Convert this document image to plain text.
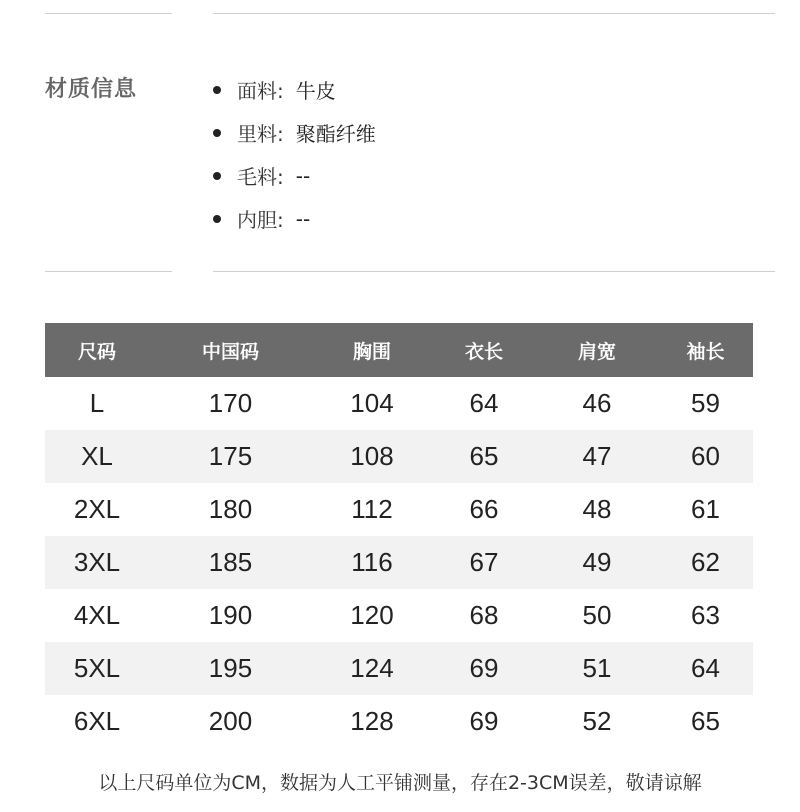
材质信息	面料: 牛皮
里料: 聚酯纤维
毛料: --
内胆: --
尺码	中国码	胸围	衣长	肩宽	袖长
L	170	104	64	46	59
XL	175	108	65	47	60
2XL	180	112	66	48	61
3XL	185	116	67	49	62
4XL	190	120	68	50	63
5XL	195	124	69	51	64
6XL	200	128	69	52	65
以上尺码单位为CM，数据为人工平铺测量，存在2-3CM误差，敬请谅解
